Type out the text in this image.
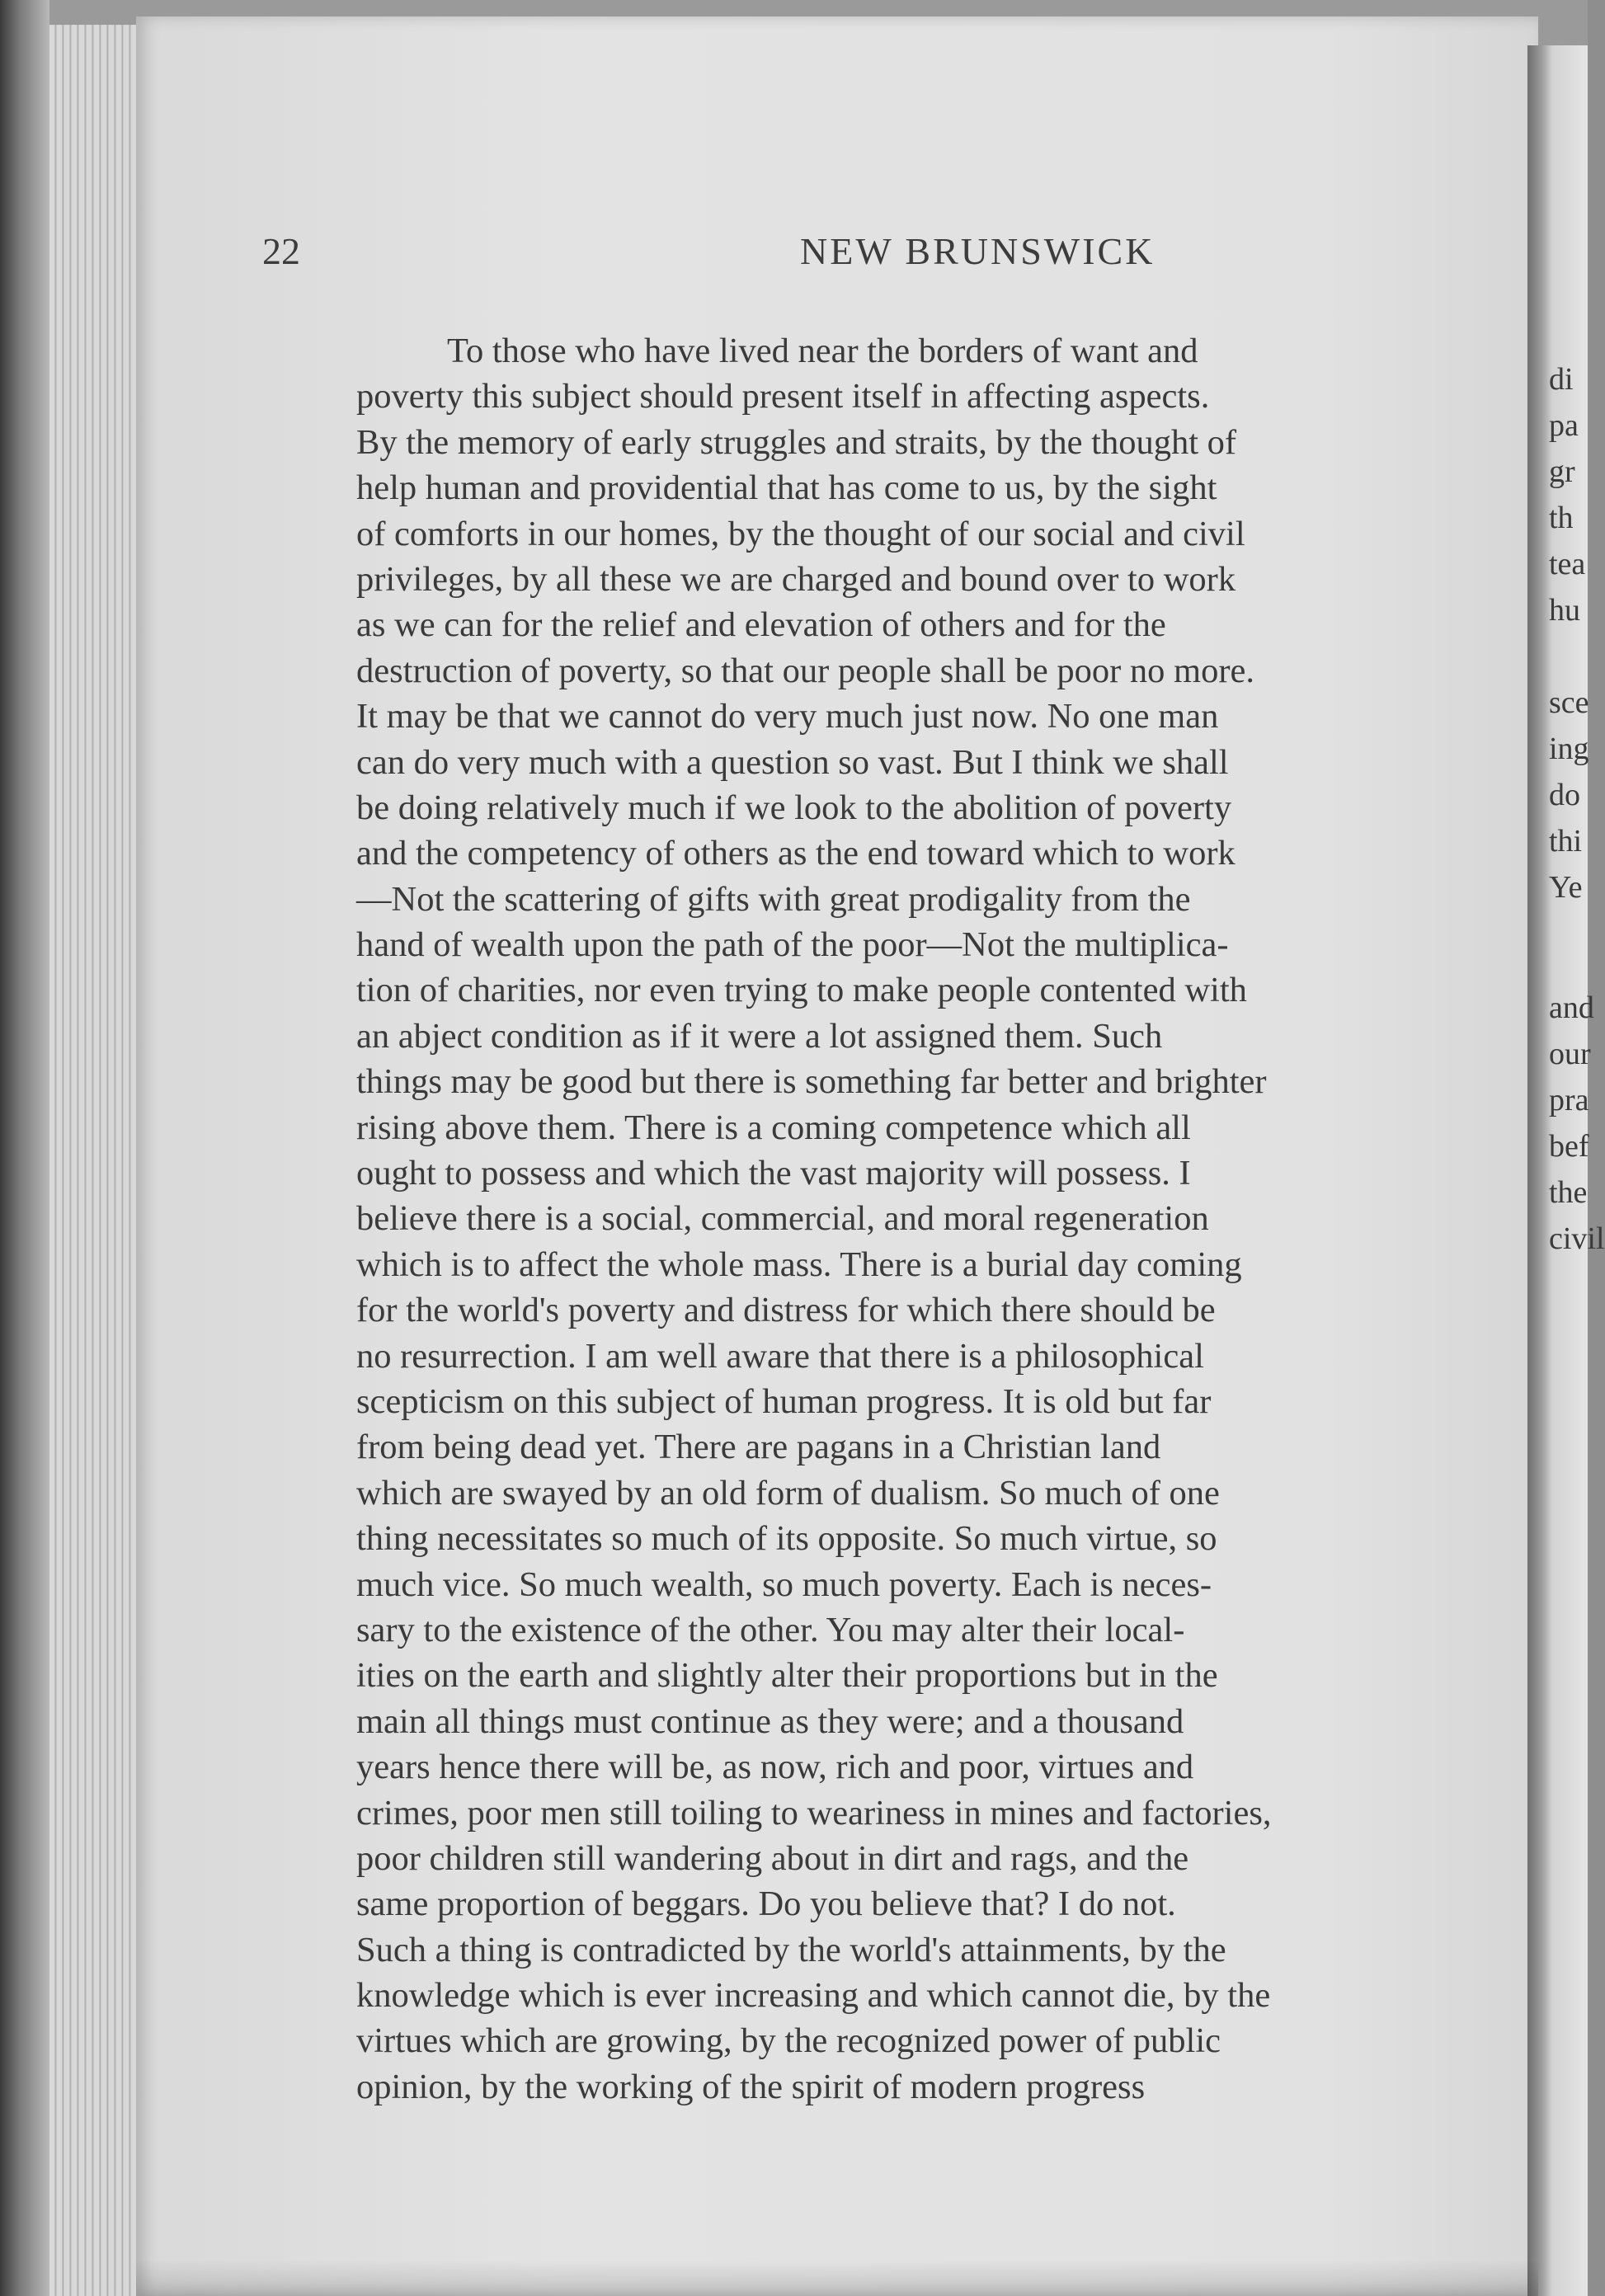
22	NEW BRUNSWICK
To those who have lived near the borders of want and
poverty this subject should present itself in affecting aspects.
By the memory of early struggles and straits, by the thought of
help human and providential that has come to us, by the sight
of comforts in our homes, by the thought of our social and civil
privileges, by all these we are charged and bound over to work
as we can for the relief and elevation of others and for the
destruction of poverty, so that our people shall be poor no more.
It may be that we cannot do very much just now. No one man
can do very much with a question so vast. But I think we shall
be doing relatively much if we look to the abolition of poverty
and the competency of others as the end toward which to work
—Not the scattering of gifts with great prodigality from the
hand of wealth upon the path of the poor—Not the multiplica-
tion of charities, nor even trying to make people contented with
an abject condition as if it were a lot assigned them. Such
things may be good but there is something far better and brighter
rising above them. There is a coming competence which all
ought to possess and which the vast majority will possess. I
believe there is a social, commercial, and moral regeneration
which is to affect the whole mass. There is a burial day coming
for the world's poverty and distress for which there should be
no resurrection. I am well aware that there is a philosophical
scepticism on this subject of human progress. It is old but far
from being dead yet. There are pagans in a Christian land
which are swayed by an old form of dualism. So much of one
thing necessitates so much of its opposite. So much virtue, so
much vice. So much wealth, so much poverty. Each is neces-
sary to the existence of the other. You may alter their local-
ities on the earth and slightly alter their proportions but in the
main all things must continue as they were; and a thousand
years hence there will be, as now, rich and poor, virtues and
crimes, poor men still toiling to weariness in mines and factories,
poor children still wandering about in dirt and rags, and the
same proportion of beggars. Do you believe that? I do not.
Such a thing is contradicted by the world's attainments, by the
knowledge which is ever increasing and which cannot die, by the
virtues which are growing, by the recognized power of public
opinion, by the working of the spirit of modern progress
di
pa
gr
th
tea
hu
sce
ing
do
thi
Ye
and
our
pra
bef
the
civil
